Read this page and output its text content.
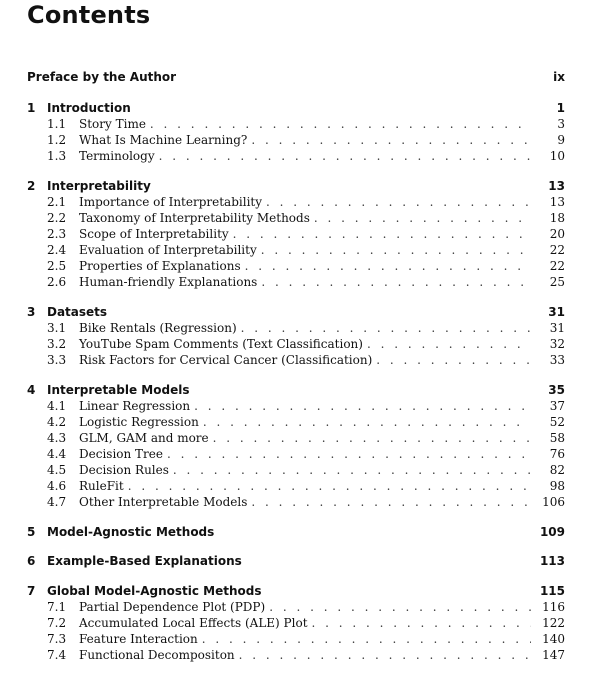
Contents
Preface by the Author	ix
1 Introduction	1
1.1	Story Time . . .	3
1.2	What Is Machine Learning? . . .	9
1.3	Terminology . . .	10
2 Interpretability	13
2.1	Importance of Interpretability . . .	13
2.2	Taxonomy of Interpretability Methods . . .	18
2.3	Scope of Interpretability . . .	20
2.4	Evaluation of Interpretability . . .	22
2.5	Properties of Explanations . . .	22
2.6	Human-friendly Explanations . . .	25
3 Datasets	31
3.1	Bike Rentals (Regression) . . .	31
3.2	YouTube Spam Comments (Text Classification) . . .	32
3.3	Risk Factors for Cervical Cancer (Classification) . . .	33
4 Interpretable Models	35
4.1	Linear Regression . . .	37
4.2	Logistic Regression . . .	52
4.3	GLM, GAM and more . . .	58
4.4	Decision Tree . . .	76
4.5	Decision Rules . . .	82
4.6	RuleFit . . .	98
4.7	Other Interpretable Models . . .	106
5 Model-Agnostic Methods	109
6 Example-Based Explanations	113
7 Global Model-Agnostic Methods	115
7.1	Partial Dependence Plot (PDP) . . .	116
7.2	Accumulated Local Effects (ALE) Plot . . .	122
7.3	Feature Interaction . . .	140
7.4	Functional Decompositon . . .	147
